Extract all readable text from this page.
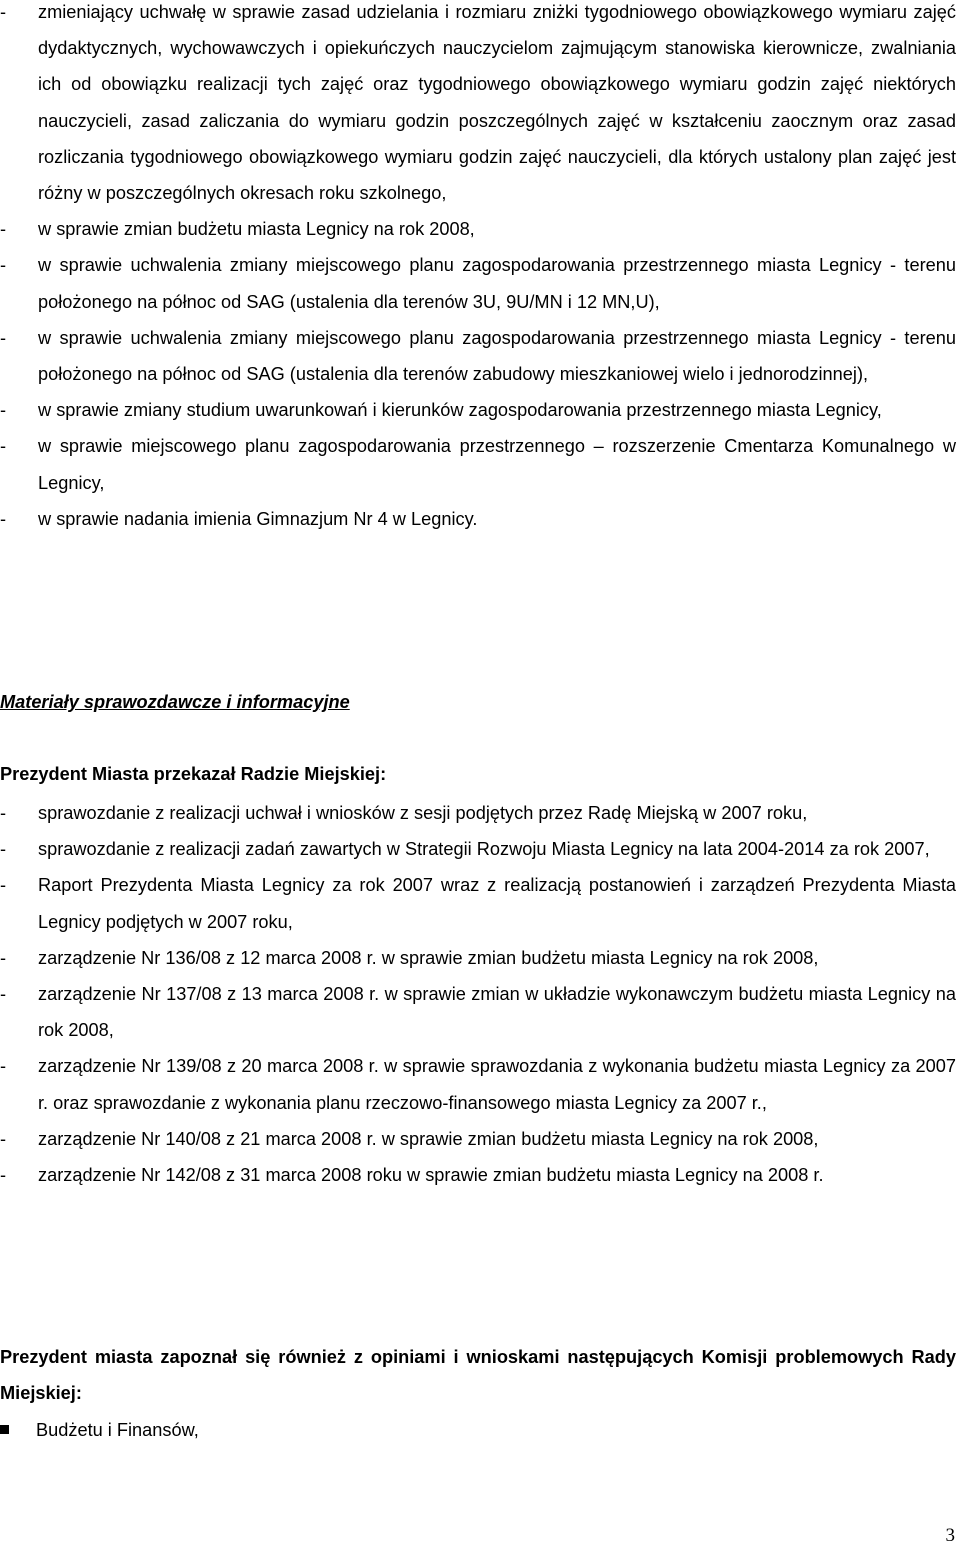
- zmieniający uchwałę w sprawie zasad udzielania i rozmiaru zniżki tygodniowego obowiązkowego wymiaru zajęć dydaktycznych, wychowawczych i opiekuńczych nauczycielom zajmującym stanowiska kierownicze, zwalniania ich od obowiązku realizacji tych zajęć oraz tygodniowego obowiązkowego wymiaru godzin zajęć niektórych nauczycieli, zasad zaliczania do wymiaru godzin poszczególnych zajęć w kształceniu zaocznym oraz zasad rozliczania tygodniowego obowiązkowego wymiaru godzin zajęć nauczycieli, dla których ustalony plan zajęć jest różny w poszczególnych okresach roku szkolnego,
- w sprawie zmian budżetu miasta Legnicy na rok 2008,
- w sprawie uchwalenia zmiany miejscowego planu zagospodarowania przestrzennego miasta Legnicy - terenu położonego na północ od SAG (ustalenia dla terenów 3U, 9U/MN i 12 MN,U),
- w sprawie uchwalenia zmiany miejscowego planu zagospodarowania przestrzennego miasta Legnicy - terenu położonego na północ od SAG (ustalenia dla terenów zabudowy mieszkaniowej wielo i jednorodzinnej),
- w sprawie zmiany studium uwarunkowań i kierunków zagospodarowania przestrzennego miasta Legnicy,
- w sprawie miejscowego planu zagospodarowania przestrzennego – rozszerzenie Cmentarza Komunalnego w Legnicy,
- w sprawie nadania imienia Gimnazjum Nr 4 w Legnicy.
Materiały sprawozdawcze i informacyjne
Prezydent Miasta przekazał Radzie Miejskiej:
- sprawozdanie z realizacji uchwał i wniosków z sesji podjętych przez Radę Miejską w 2007 roku,
- sprawozdanie z realizacji zadań zawartych w Strategii Rozwoju Miasta Legnicy na lata 2004-2014 za rok 2007,
- Raport Prezydenta Miasta Legnicy za rok 2007 wraz z realizacją postanowień i zarządzeń Prezydenta Miasta Legnicy podjętych w 2007 roku,
- zarządzenie Nr 136/08 z 12 marca 2008 r. w sprawie zmian budżetu miasta Legnicy na rok 2008,
- zarządzenie Nr 137/08 z 13 marca 2008 r. w sprawie zmian w układzie wykonawczym budżetu miasta Legnicy na rok 2008,
- zarządzenie Nr 139/08 z 20 marca 2008 r. w sprawie sprawozdania z wykonania budżetu miasta Legnicy za 2007 r. oraz sprawozdanie z wykonania planu rzeczowo-finansowego miasta Legnicy za 2007 r.,
- zarządzenie Nr 140/08 z 21 marca 2008 r. w sprawie zmian budżetu miasta Legnicy na rok 2008,
- zarządzenie Nr 142/08 z 31 marca 2008 roku w sprawie zmian budżetu miasta Legnicy na 2008 r.
Prezydent miasta zapoznał się również z opiniami i wnioskami następujących Komisji problemowych Rady Miejskiej:
Budżetu i Finansów,
3
